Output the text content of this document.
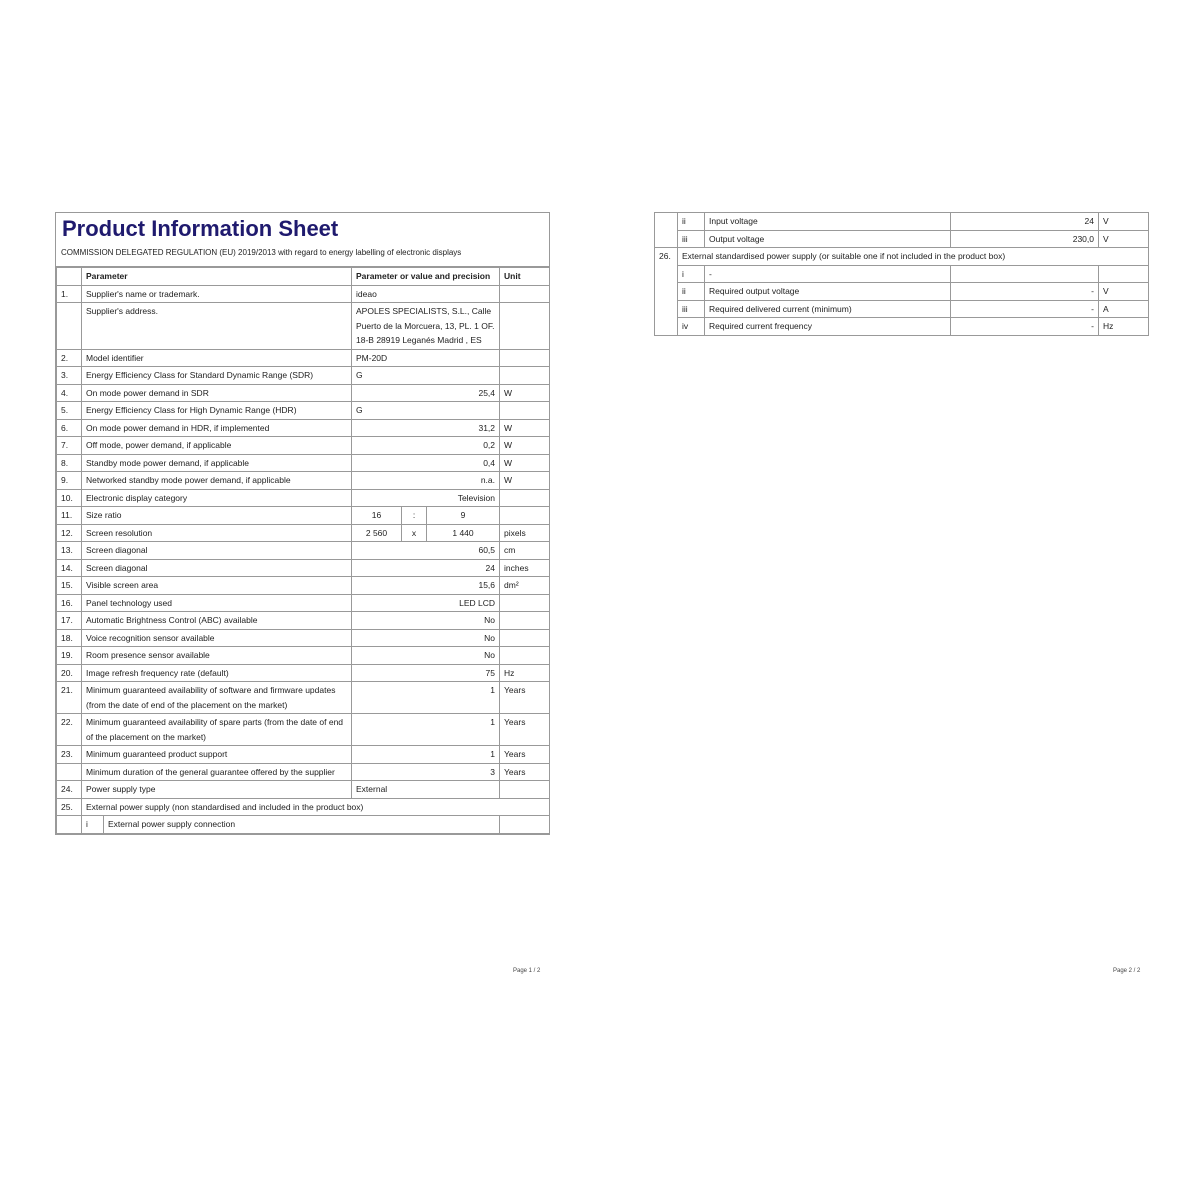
Product Information Sheet
COMMISSION DELEGATED REGULATION (EU) 2019/2013 with regard to energy labelling of electronic displays
	Parameter		Parameter or value and precision			Unit
1.	Supplier's name or trademark.		ideao			
	Supplier's address.		APOLES SPECIALISTS, S.L., Calle Puerto de la Morcuera, 13, PL. 1 OF. 18-B 28919 Leganés Madrid , ES			
2.	Model identifier		PM-20D			
3.	Energy Efficiency Class for Standard Dynamic Range (SDR)		G			
4.	On mode power demand in SDR		25,4			W
5.	Energy Efficiency Class for High Dynamic Range (HDR)		G			
6.	On mode power demand in HDR, if implemented		31,2			W
7.	Off mode, power demand, if applicable		0,2			W
8.	Standby mode power demand, if applicable		0,4			W
9.	Networked standby mode power demand, if applicable		n.a.			W
10.	Electronic display category		Television			
11.	Size ratio		16	:	9	
12.	Screen resolution		2 560	x	1 440	pixels
13.	Screen diagonal		60,5			cm
14.	Screen diagonal		24			inches
15.	Visible screen area		15,6			dm²
16.	Panel technology used		LED LCD			
17.	Automatic Brightness Control (ABC) available		No			
18.	Voice recognition sensor available		No			
19.	Room presence sensor available		No			
20.	Image refresh frequency rate (default)		75			Hz
21.	Minimum guaranteed availability of software and firmware updates (from the date of end of the placement on the market)		1			Years
22.	Minimum guaranteed availability of spare parts (from the date of end of the placement on the market)		1			Years
23.	Minimum guaranteed product support		1			Years
	Minimum duration of the general guarantee offered by the supplier		3			Years
24.	Power supply type		External			
25.	External power supply (non standardised and included in the product box)					
	i	External power supply connection				
Page 1 / 2
	ii	Input voltage	24	V
	iii	Output voltage	230,0	V
26.	External standardised power supply (or suitable one if not included in the product box)			
	i	-		
	ii	Required output voltage	-	V
	iii	Required delivered current (minimum)	-	A
	iv	Required current frequency	-	Hz
Page 2 / 2
